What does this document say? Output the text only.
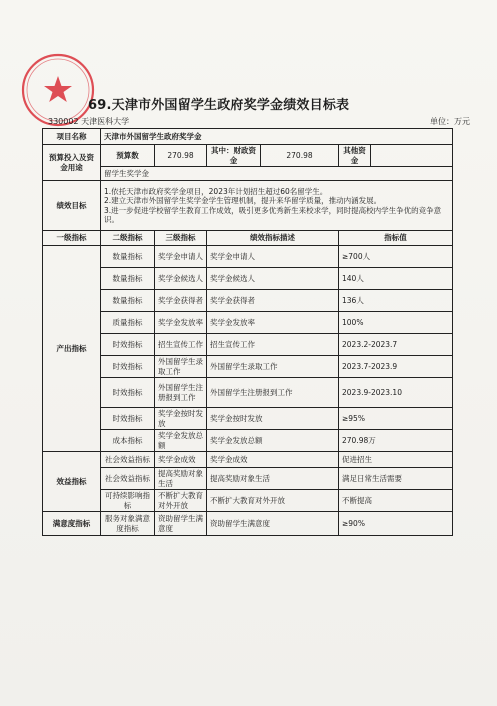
69.天津市外国留学生政府奖学金绩效目标表
330002 天津医科大学	单位：万元
项目名称	天津市外国留学生政府奖学金					
预算投入及资金用途	预算数	270.98	其中：财政资金	270.98	其他资金	
	留学生奖学金					
绩效目标	1.依托天津市政府奖学金项目，2023年计划招生超过60名留学生。
2.建立天津市外国留学生奖学金学生管理机制，提升来华留学质量，推动内涵发展。
3.进一步促进学校留学生教育工作成效，吸引更多优秀新生来校求学，同时提高校内学生争优的竞争意识。					
一级指标	二级指标	三级指标	绩效指标描述		指标值	
产出指标	数量指标	奖学金申请人	奖学金申请人		≥700人	
	数量指标	奖学金候选人	奖学金候选人		140人	
	数量指标	奖学金获得者	奖学金获得者		136人	
	质量指标	奖学金发放率	奖学金发放率		100%	
	时效指标	招生宣传工作	招生宣传工作		2023.2-2023.7	
	时效指标	外国留学生录取工作	外国留学生录取工作		2023.7-2023.9	
	时效指标	外国留学生注册报到工作	外国留学生注册报到工作		2023.9-2023.10	
	时效指标	奖学金按时发放	奖学金按时发放		≥95%	
	成本指标	奖学金发放总额	奖学金发放总额		270.98万	
效益指标	社会效益指标	奖学金成效	奖学金成效		促进招生	
	社会效益指标	提高奖励对象生活	提高奖励对象生活		满足日常生活需要	
	可持续影响指标	不断扩大教育对外开放	不断扩大教育对外开放		不断提高	
满意度指标	服务对象满意度指标	资助留学生满意度	资助留学生满意度		≥90%	
